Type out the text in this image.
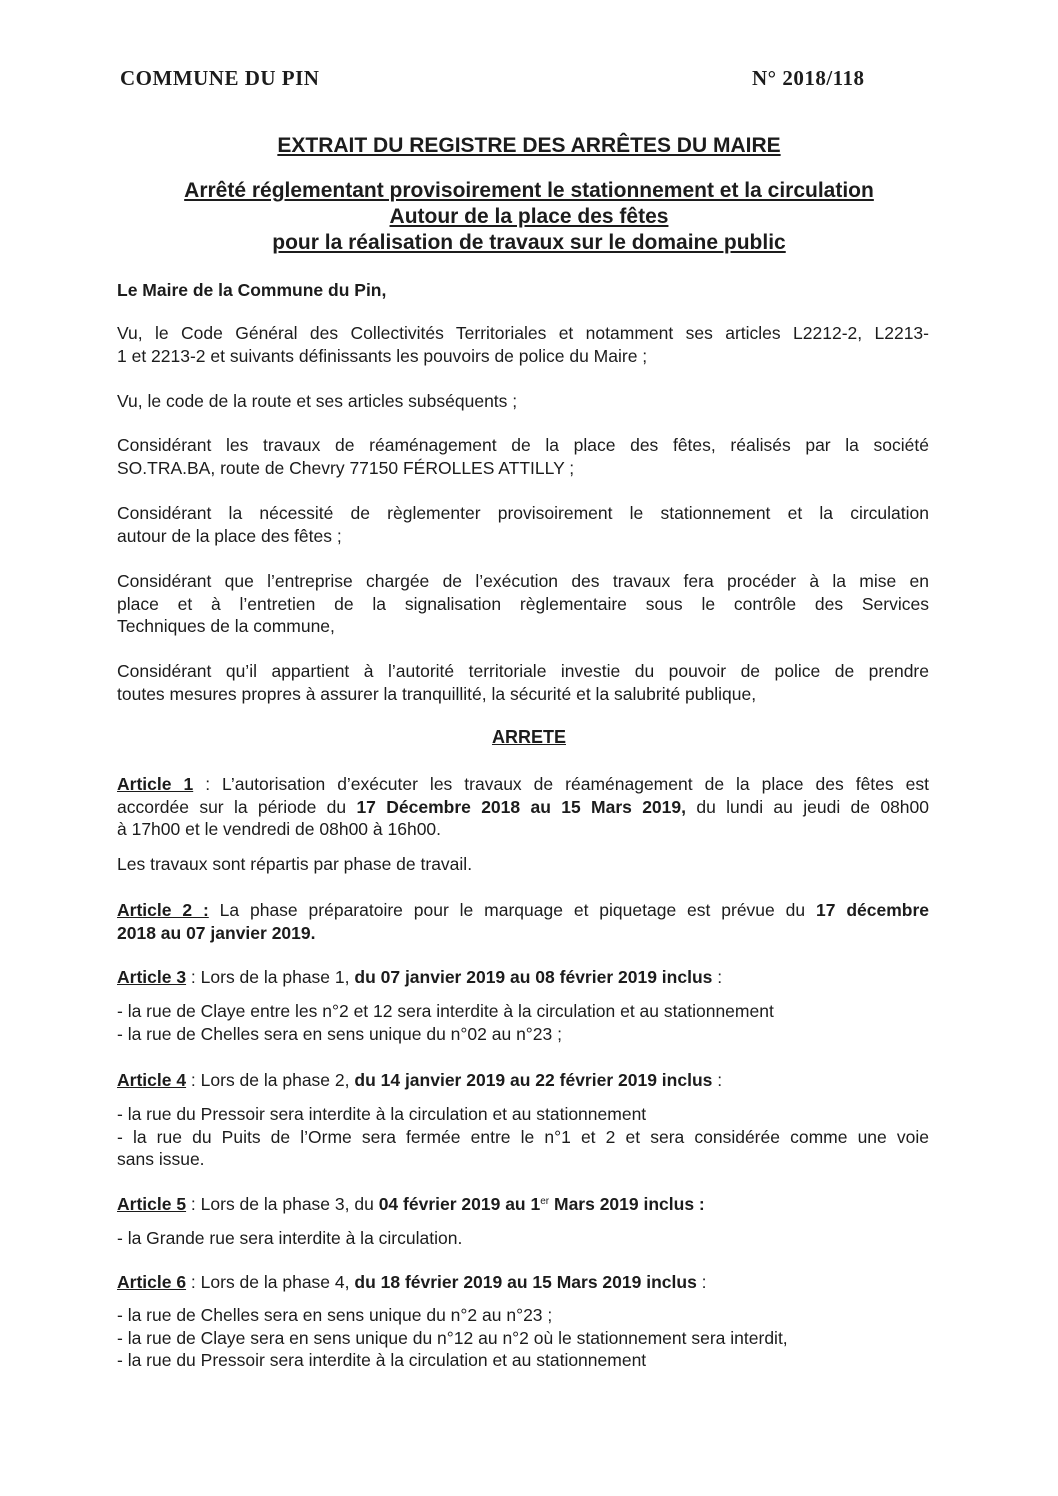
COMMUNE DU PIN	N° 2018/118
EXTRAIT DU REGISTRE DES ARRÊTES DU MAIRE
Arrêté réglementant provisoirement le stationnement et la circulation
Autour de la place des fêtes
pour la réalisation de travaux sur le domaine public
Le Maire de la Commune du Pin,
Vu, le Code Général des Collectivités Territoriales et notamment ses articles L2212-2, L2213-
1 et 2213-2 et suivants définissants les pouvoirs de police du Maire ;
Vu, le code de la route et ses articles subséquents ;
Considérant les travaux de réaménagement de la place des fêtes, réalisés par la société
SO.TRA.BA, route de Chevry 77150 FÉROLLES ATTILLY ;
Considérant la nécessité de règlementer provisoirement le stationnement et la circulation
autour de la place des fêtes ;
Considérant que l’entreprise chargée de l’exécution des travaux fera procéder à la mise en
place et à l’entretien de la signalisation règlementaire sous le contrôle des Services
Techniques de la commune,
Considérant qu’il appartient à l’autorité territoriale investie du pouvoir de police de prendre
toutes mesures propres à assurer la tranquillité, la sécurité et la salubrité publique,
ARRETE
Article 1 : L’autorisation d’exécuter les travaux de réaménagement de la place des fêtes est
accordée sur la période du 17 Décembre 2018 au 15 Mars 2019, du lundi au jeudi de 08h00
à 17h00 et le vendredi de 08h00 à 16h00.
Les travaux sont répartis par phase de travail.
Article 2 : La phase préparatoire pour le marquage et piquetage est prévue du 17 décembre
2018 au 07 janvier 2019.
Article 3 : Lors de la phase 1, du 07 janvier 2019 au 08 février 2019 inclus :
- la rue de Claye entre les n°2 et 12 sera interdite à la circulation et au stationnement
- la rue de Chelles sera en sens unique du n°02 au n°23 ;
Article 4 : Lors de la phase 2, du 14 janvier 2019 au 22 février 2019 inclus :
- la rue du Pressoir sera interdite à la circulation et au stationnement
- la rue du Puits de l’Orme sera fermée entre le n°1 et 2 et sera considérée comme une voie
sans issue.
Article 5 : Lors de la phase 3, du 04 février 2019 au 1er Mars 2019 inclus :
- la Grande rue sera interdite à la circulation.
Article 6 : Lors de la phase 4, du 18 février 2019 au 15 Mars 2019 inclus :
- la rue de Chelles sera en sens unique du n°2 au n°23 ;
- la rue de Claye sera en sens unique du n°12 au n°2 où le stationnement sera interdit,
- la rue du Pressoir sera interdite à la circulation et au stationnement
